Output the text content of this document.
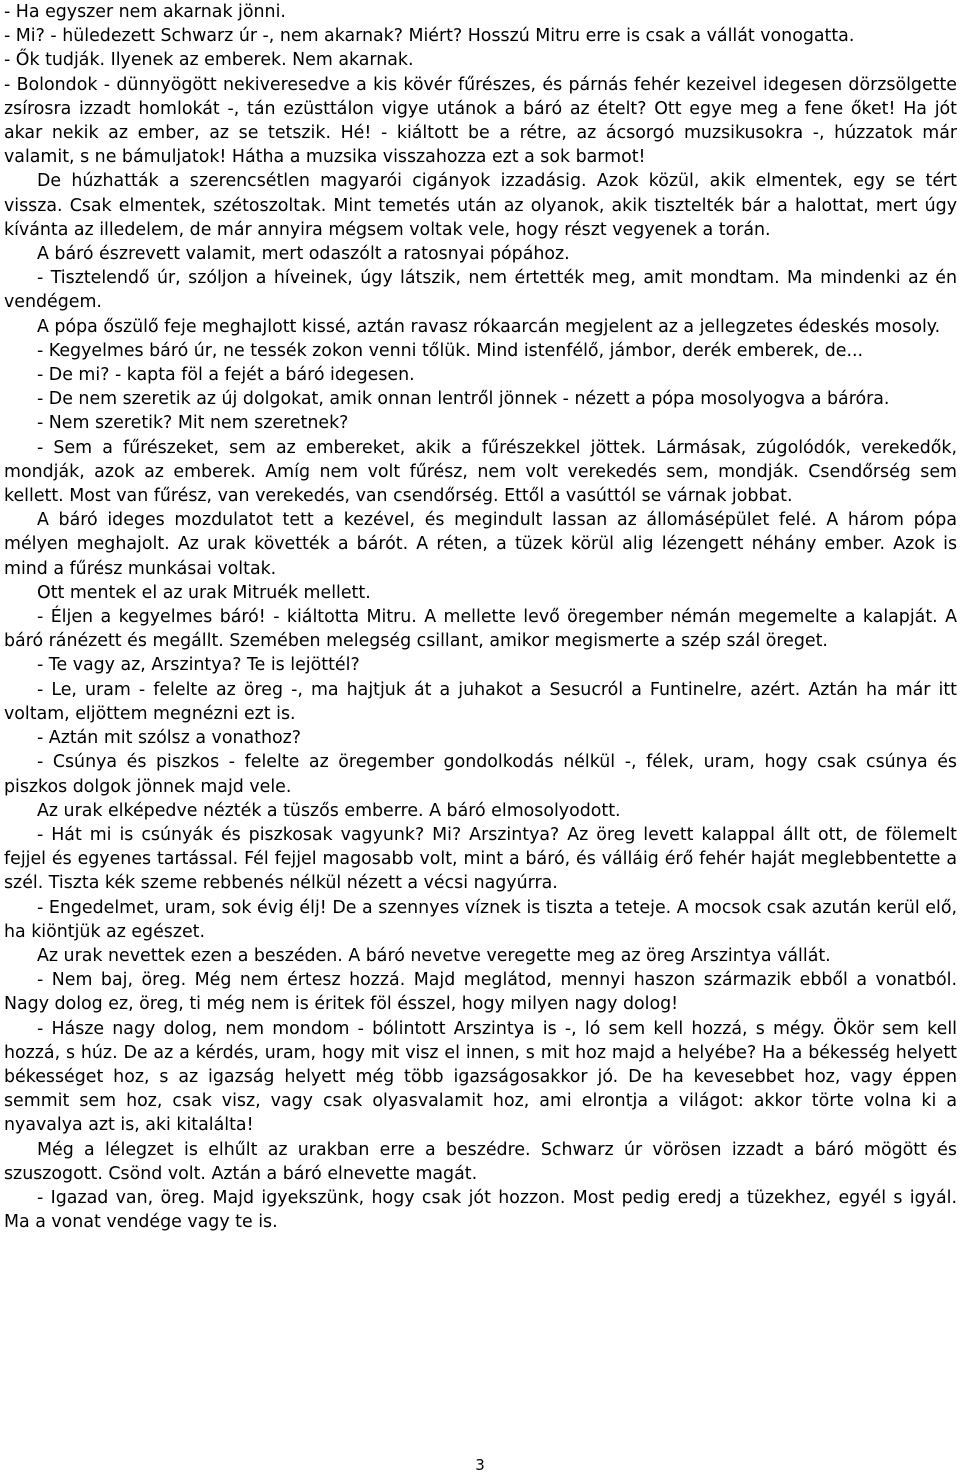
- Ha egyszer nem akarnak jönni.

- Mi? - hüledezett Schwarz úr -, nem akarnak? Miért? Hosszú Mitru erre is csak a vállát vonogatta.

- Ők tudják. Ilyenek az emberek. Nem akarnak.

- Bolondok - dünnyögött nekiveresedve a kis kövér fűrészes, és párnás fehér kezeivel idegesen dörzsölgette zsírosra izzadt homlokát -, tán ezüsttálon vigye utánok a báró az ételt? Ott egye meg a fene őket! Ha jót akar nekik az ember, az se tetszik. Hé! - kiáltott be a rétre, az ácsorgó muzsikusokra -, húzzatok már valamit, s ne bámuljatok! Hátha a muzsika visszahozza ezt a sok barmot!

De húzhatták a szerencsétlen magyarói cigányok izzadásig. Azok közül, akik elmentek, egy se tért vissza. Csak elmentek, szétoszoltak. Mint temetés után az olyanok, akik tisztelték bár a halottat, mert úgy kívánta az illedelem, de már annyira mégsem voltak vele, hogy részt vegyenek a torán.

A báró észrevett valamit, mert odaszólt a ratosnyai pópához.

- Tisztelendő úr, szóljon a híveinek, úgy látszik, nem értették meg, amit mondtam. Ma mindenki az én vendégem.

A pópa őszülő feje meghajlott kissé, aztán ravasz rókaarcán megjelent az a jellegzetes édeskés mosoly.

- Kegyelmes báró úr, ne tessék zokon venni tőlük. Mind istenfélő, jámbor, derék emberek, de...

- De mi? - kapta föl a fejét a báró idegesen.

- De nem szeretik az új dolgokat, amik onnan lentről jönnek - nézett a pópa mosolyogva a báróra.

- Nem szeretik? Mit nem szeretnek?

- Sem a fűrészeket, sem az embereket, akik a fűrészekkel jöttek. Lármásak, zúgolódók, verekedők, mondják, azok az emberek. Amíg nem volt fűrész, nem volt verekedés sem, mondják. Csendőrség sem kellett. Most van fűrész, van verekedés, van csendőrség. Ettől a vasúttól se várnak jobbat.

A báró ideges mozdulatot tett a kezével, és megindult lassan az állomásépület felé. A három pópa mélyen meghajolt. Az urak követték a bárót. A réten, a tüzek körül alig lézengett néhány ember. Azok is mind a fűrész munkásai voltak.

Ott mentek el az urak Mitruék mellett.

- Éljen a kegyelmes báró! - kiáltotta Mitru. A mellette levő öregember némán megemelte a kalapját. A báró ránézett és megállt. Szemében melegség csillant, amikor megismerte a szép szál öreget.

- Te vagy az, Arszintya? Te is lejöttél?

- Le, uram - felelte az öreg -, ma hajtjuk át a juhakot a Sesucról a Funtinelre, azért. Aztán ha már itt voltam, eljöttem megnézni ezt is.

- Aztán mit szólsz a vonathoz?

- Csúnya és piszkos - felelte az öregember gondolkodás nélkül -, félek, uram, hogy csak csúnya és piszkos dolgok jönnek majd vele.

Az urak elképedve nézték a tüszős emberre. A báró elmosolyodott.

- Hát mi is csúnyák és piszkosak vagyunk? Mi? Arszintya? Az öreg levett kalappal állt ott, de fölemelt fejjel és egyenes tartással. Fél fejjel magosabb volt, mint a báró, és válláig érő fehér haját meglebbentette a szél. Tiszta kék szeme rebbenés nélkül nézett a vécsi nagyúrra.

- Engedelmet, uram, sok évig élj! De a szennyes víznek is tiszta a teteje. A mocsok csak azután kerül elő, ha kiöntjük az egészet.

Az urak nevettek ezen a beszéden. A báró nevetve veregette meg az öreg Arszintya vállát.

- Nem baj, öreg. Még nem értesz hozzá. Majd meglátod, mennyi haszon származik ebből a vonatból. Nagy dolog ez, öreg, ti még nem is éritek föl ésszel, hogy milyen nagy dolog!

- Hásze nagy dolog, nem mondom - bólintott Arszintya is -, ló sem kell hozzá, s mégy. Ökör sem kell hozzá, s húz. De az a kérdés, uram, hogy mit visz el innen, s mit hoz majd a helyébe? Ha a békesség helyett békességet hoz, s az igazság helyett még több igazságosakkor jó. De ha kevesebbet hoz, vagy éppen semmit sem hoz, csak visz, vagy csak olyasvalamit hoz, ami elrontja a világot: akkor törte volna ki a nyavalya azt is, aki kitalálta!

Még a lélegzet is elhűlt az urakban erre a beszédre. Schwarz úr vörösen izzadt a báró mögött és szuszogott. Csönd volt. Aztán a báró elnevette magát.

- Igazad van, öreg. Majd igyekszünk, hogy csak jót hozzon. Most pedig eredj a tüzekhez, egyél s igyál. Ma a vonat vendége vagy te is.

3
